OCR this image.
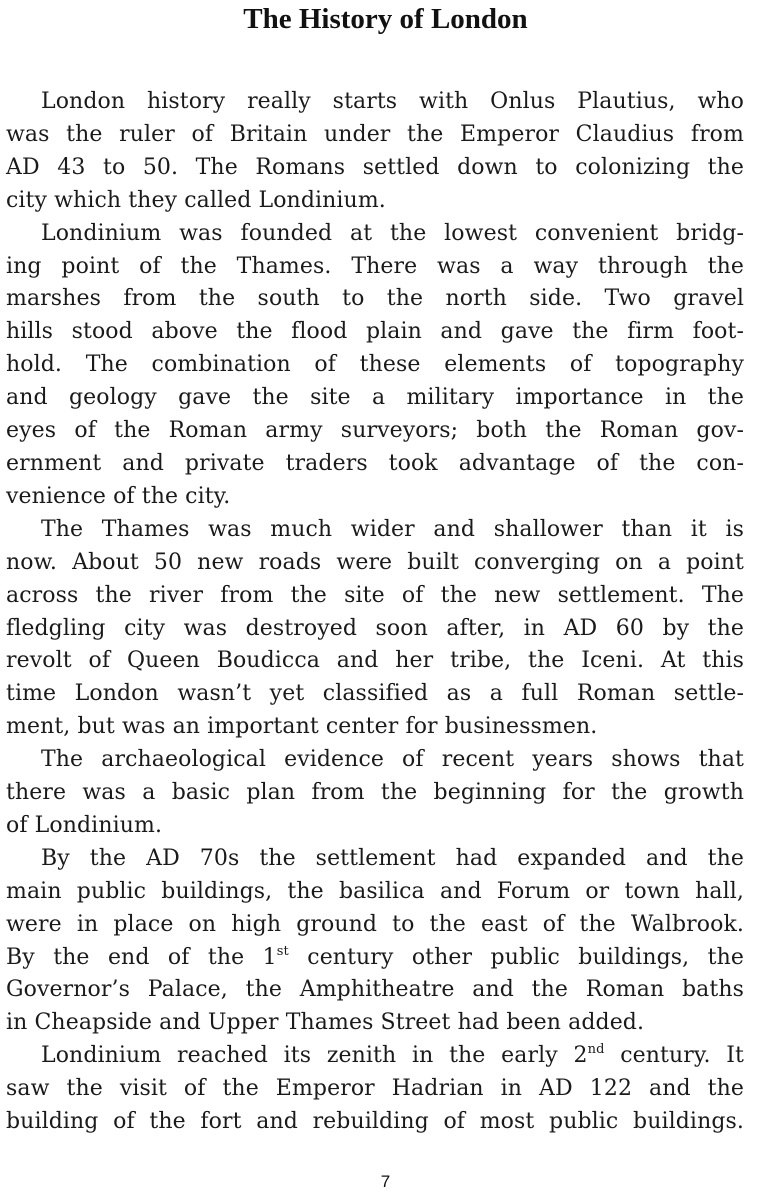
The History of London
London history really starts with Onlus Plautius, who
was the ruler of Britain under the Emperor Claudius from
AD 43 to 50. The Romans settled down to colonizing the
city which they called Londinium.
Londinium was founded at the lowest convenient bridg-
ing point of the Thames. There was a way through the
marshes from the south to the north side. Two gravel
hills stood above the flood plain and gave the firm foot-
hold. The combination of these elements of topography
and geology gave the site a military importance in the
eyes of the Roman army surveyors; both the Roman gov-
ernment and private traders took advantage of the con-
venience of the city.
The Thames was much wider and shallower than it is
now. About 50 new roads were built converging on a point
across the river from the site of the new settlement. The
fledgling city was destroyed soon after, in AD 60 by the
revolt of Queen Boudicca and her tribe, the Iceni. At this
time London wasn’t yet classified as a full Roman settle-
ment, but was an important center for businessmen.
The archaeological evidence of recent years shows that
there was a basic plan from the beginning for the growth
of Londinium.
By the AD 70s the settlement had expanded and the
main public buildings, the basilica and Forum or town hall,
were in place on high ground to the east of the Walbrook.
By the end of the 1st century other public buildings, the
Governor’s Palace, the Amphitheatre and the Roman baths
in Cheapside and Upper Thames Street had been added.
Londinium reached its zenith in the early 2nd century. It
saw the visit of the Emperor Hadrian in AD 122 and the
building of the fort and rebuilding of most public buildings.
7
